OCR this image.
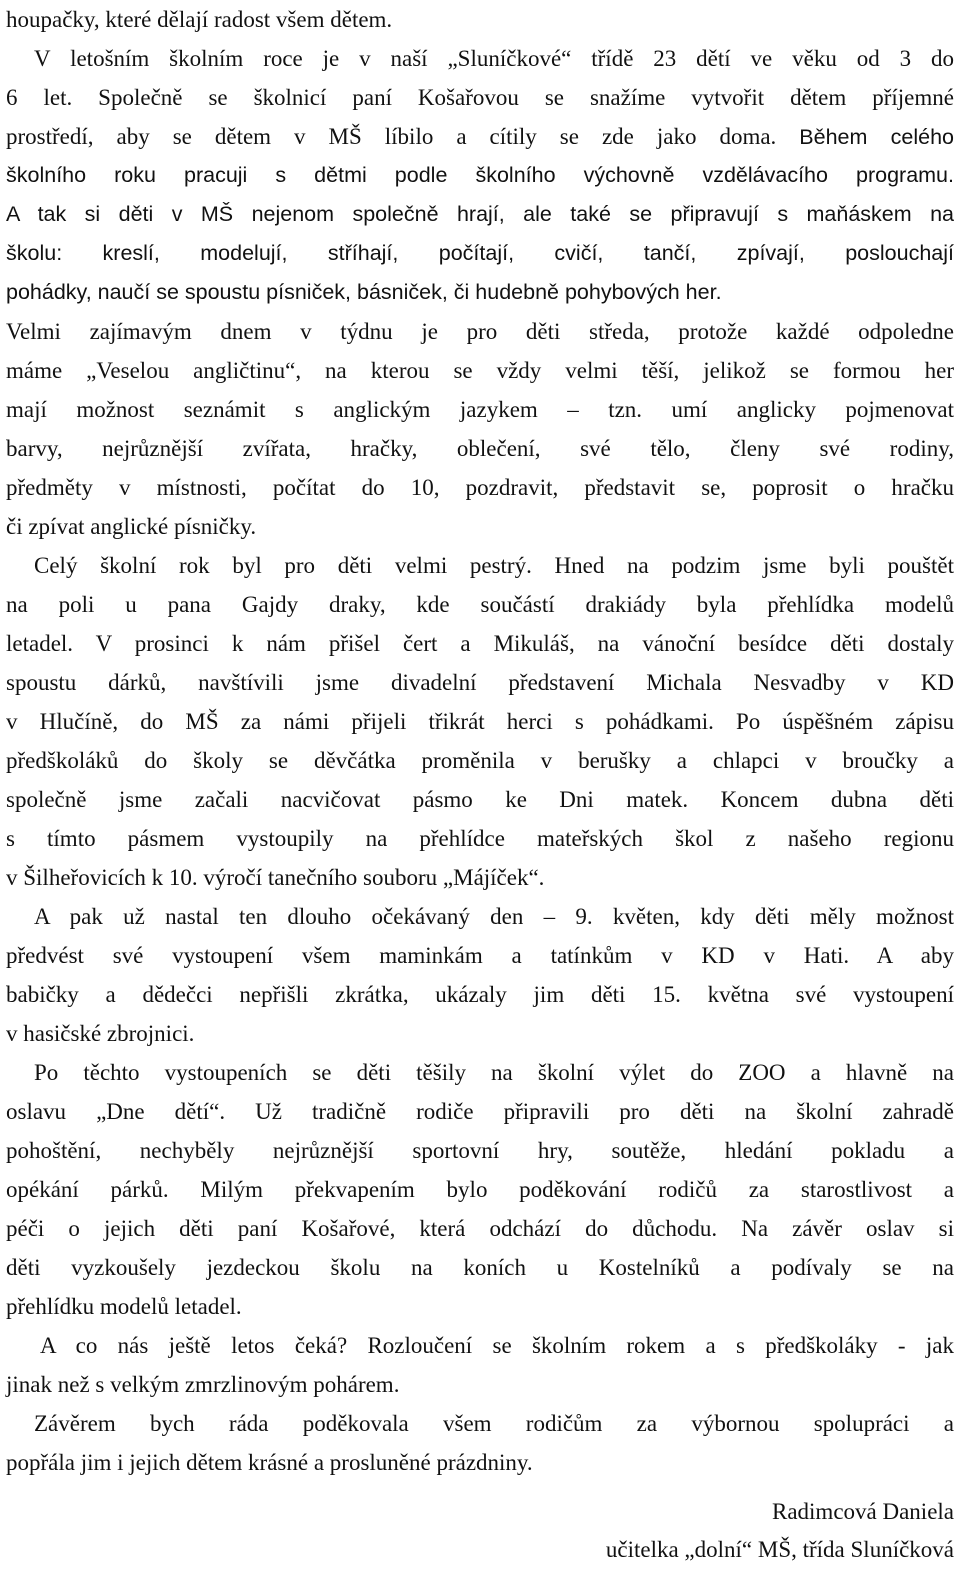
houpačky, které dělají radost všem dětem.
V letošním školním roce je v naší „Sluníčkové“ třídě 23 dětí ve věku od 3 do
6 let. Společně se školnicí paní Košařovou se snažíme vytvořit dětem příjemné
prostředí, aby se dětem v MŠ líbilo a cítily se zde jako doma. Během celého
školního roku pracuji s dětmi podle školního výchovně vzdělávacího programu.
A tak si děti v MŠ nejenom společně hrají, ale také se připravují s maňáskem na
školu: kreslí, modelují, stříhají, počítají, cvičí, tančí, zpívají, poslouchají
pohádky, naučí se spoustu písniček, básniček, či hudebně pohybových her.
Velmi zajímavým dnem v týdnu je pro děti středa, protože každé odpoledne
máme „Veselou angličtinu“, na kterou se vždy velmi těší, jelikož se formou her
mají možnost seznámit s anglickým jazykem – tzn. umí anglicky pojmenovat
barvy, nejrůznější zvířata, hračky, oblečení, své tělo, členy své rodiny,
předměty v místnosti, počítat do 10, pozdravit, představit se, poprosit o hračku
či zpívat anglické písničky.
Celý školní rok byl pro děti velmi pestrý. Hned na podzim jsme byli pouštět
na poli u pana Gajdy draky, kde součástí drakiády byla přehlídka modelů
letadel. V prosinci k nám přišel čert a Mikuláš, na vánoční besídce děti dostaly
spoustu dárků, navštívili jsme divadelní představení Michala Nesvadby v KD
v Hlučíně, do MŠ za námi přijeli třikrát herci s pohádkami. Po úspěšném zápisu
předškoláků do školy se děvčátka proměnila v berušky a chlapci v broučky a
společně jsme začali nacvičovat pásmo ke Dni matek. Koncem dubna děti
s tímto pásmem vystoupily na přehlídce mateřských škol z našeho regionu
v Šilheřovicích k 10. výročí tanečního souboru „Májíček“.
A pak už nastal ten dlouho očekávaný den – 9. květen, kdy děti měly možnost
předvést své vystoupení všem maminkám a tatínkům v KD v Hati. A aby
babičky a dědečci nepřišli zkrátka, ukázaly jim děti 15. května své vystoupení
v hasičské zbrojnici.
Po těchto vystoupeních se děti těšily na školní výlet do ZOO a hlavně na
oslavu „Dne dětí“. Už tradičně rodiče připravili pro děti na školní zahradě
pohoštění, nechyběly nejrůznější sportovní hry, soutěže, hledání pokladu a
opékání párků. Milým překvapením bylo poděkování rodičů za starostlivost a
péči o jejich děti paní Košařové, která odchází do důchodu. Na závěr oslav si
děti vyzkoušely jezdeckou školu na koních u Kostelníků a podívaly se na
přehlídku modelů letadel.
A co nás ještě letos čeká? Rozloučení se školním rokem a s předškoláky - jak
jinak než s velkým zmrzlinovým pohárem.
Závěrem bych ráda poděkovala všem rodičům za výbornou spolupráci a
popřála jim i jejich dětem krásné a prosluněné prázdniny.
Radimcová Daniela
učitelka „dolní“ MŠ, třída Sluníčková
